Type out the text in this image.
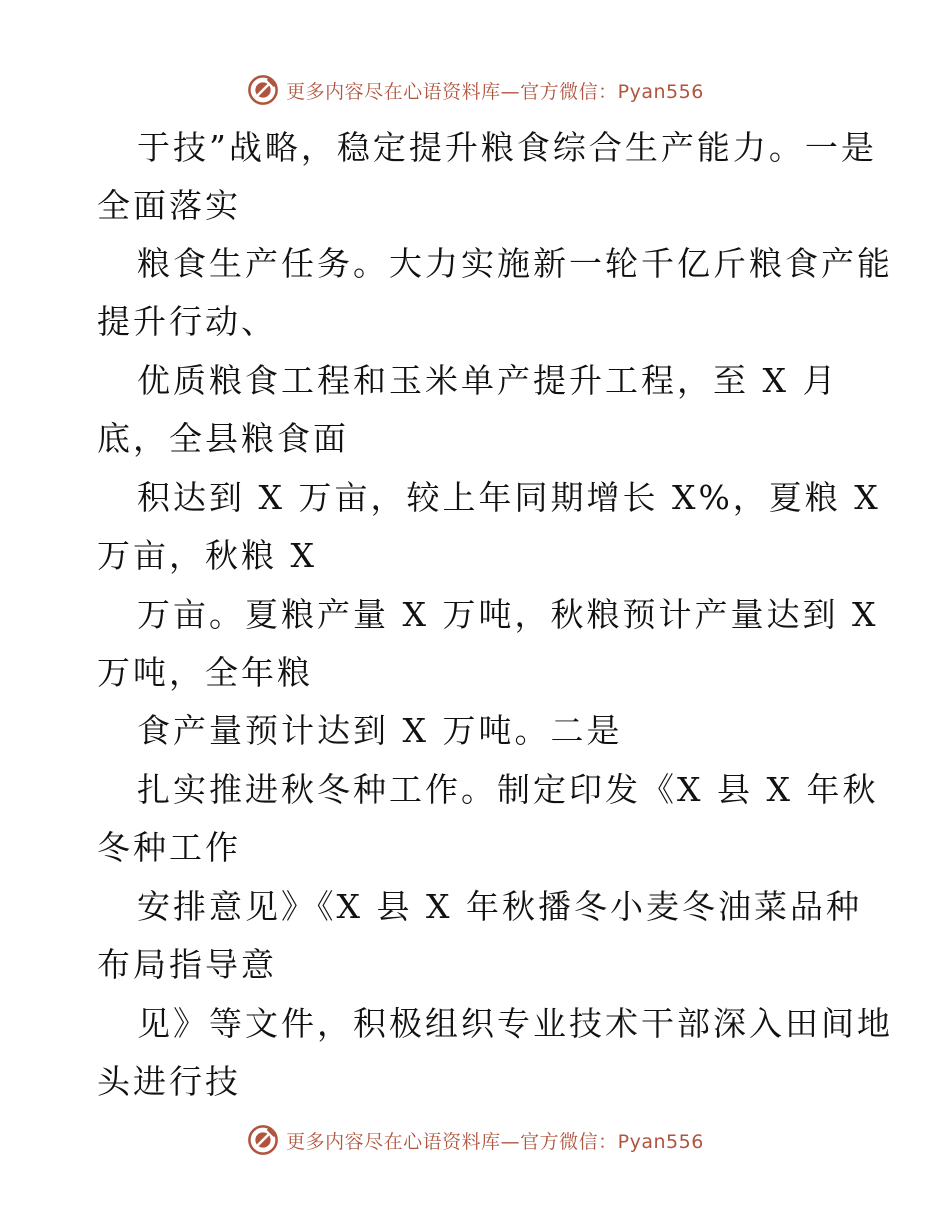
更多内容尽在心语资料库—官方微信：Pyan556
于技”战略，稳定提升粮食综合生产能力。一是
全面落实
粮食生产任务。大力实施新一轮千亿斤粮食产能
提升行动、
优质粮食工程和玉米单产提升工程，至 X 月
底，全县粮食面
积达到 X 万亩，较上年同期增长 X%，夏粮 X
万亩，秋粮 X
万亩。夏粮产量 X 万吨，秋粮预计产量达到 X
万吨，全年粮
食产量预计达到 X 万吨。二是
扎实推进秋冬种工作。制定印发《X 县 X 年秋
冬种工作
安排意见》《X 县 X 年秋播冬小麦冬油菜品种
布局指导意
见》等文件，积极组织专业技术干部深入田间地
头进行技
更多内容尽在心语资料库—官方微信：Pyan556
